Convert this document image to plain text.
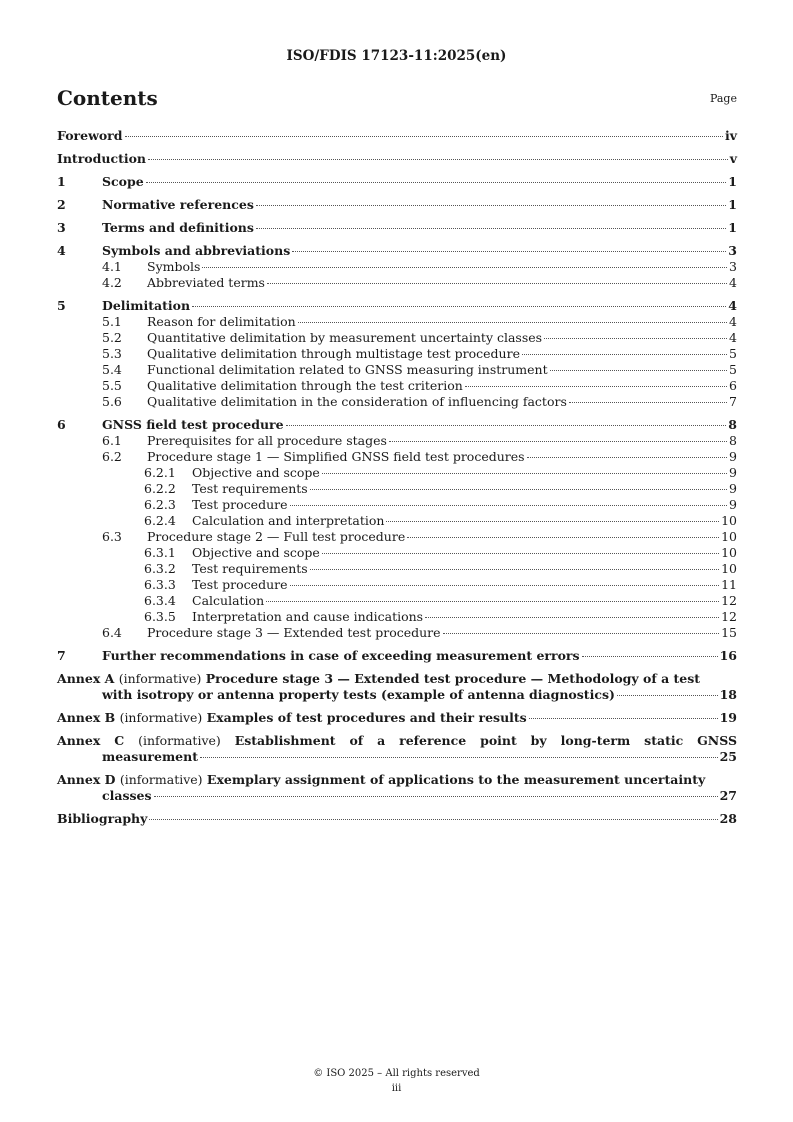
ISO/FDIS 17123-11:2025(en)
Contents	Page
Foreword	iv
Introduction	v
1	Scope	1
2	Normative references	1
3	Terms and definitions	1
4	Symbols and abbreviations	3
4.1	Symbols	3
4.2	Abbreviated terms	4
5	Delimitation	4
5.1	Reason for delimitation	4
5.2	Quantitative delimitation by measurement uncertainty classes	4
5.3	Qualitative delimitation through multistage test procedure	5
5.4	Functional delimitation related to GNSS measuring instrument	5
5.5	Qualitative delimitation through the test criterion	6
5.6	Qualitative delimitation in the consideration of influencing factors	7
6	GNSS field test procedure	8
6.1	Prerequisites for all procedure stages	8
6.2	Procedure stage 1 — Simplified GNSS field test procedures	9
6.2.1	Objective and scope	9
6.2.2	Test requirements	9
6.2.3	Test procedure	9
6.2.4	Calculation and interpretation	10
6.3	Procedure stage 2 — Full test procedure	10
6.3.1	Objective and scope	10
6.3.2	Test requirements	10
6.3.3	Test procedure	11
6.3.4	Calculation	12
6.3.5	Interpretation and cause indications	12
6.4	Procedure stage 3 — Extended test procedure	15
7	Further recommendations in case of exceeding measurement errors	16
Annex A (informative) Procedure stage 3 — Extended test procedure — Methodology of a test
with isotropy or antenna property tests (example of antenna diagnostics)	18
Annex B (informative) Examples of test procedures and their results	19
Annex C (informative) Establishment of a reference point by long-term static GNSS
measurement	25
Annex D (informative) Exemplary assignment of applications to the measurement uncertainty
classes	27
Bibliography	28
© ISO 2025 – All rights reserved
iii
